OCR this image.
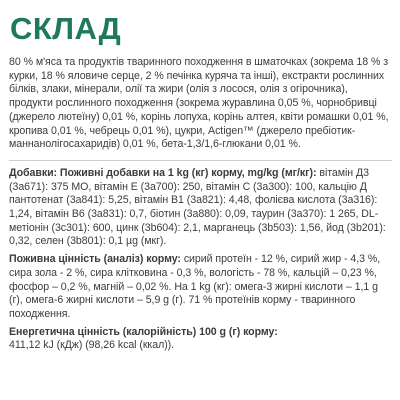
СКЛАД
80 % м'яса та продуктів тваринного походження в шматочках (зокрема 18 % з курки, 18 % яловиче серце, 2 % печінка куряча та інші), екстракти рослинних білків, злаки, мінерали, олії та жири (олія з лосося, олія з огірочника), продукти рослинного походження (зокрема журавлина 0,05 %, чорнобривці (джерело лютеїну) 0,01 %, корінь лопуха, корінь алтея, квіти ромашки 0,01 %, кропива 0,01 %, чебрець 0,01 %), цукри, Actigen™ (джерело пребіотик-маннанолігосахаридів) 0,01 %, бета-1,3/1,6-глюкани 0,01 %.
Добавки: Поживні добавки на 1 kg (кг) корму, mg/kg (мг/кг): вітамін Д3 (3а671): 375 МО, вітамін Е (3а700): 250, вітамін С (3а300): 100, кальцію Д пантотенат (3а841): 5,25, вітамін В1 (3а821): 4,48, фолієва кислота (3а316): 1,24, вітамін В6 (3а831): 0,7, біотин (3а880): 0,09, таурин (3а370): 1 265, DL-метіонін (3с301): 600, цинк (3b604): 2,1, марганець (3b503): 1,56, йод (3b201): 0,32, селен (3b801): 0,1 µg (мкг).
Поживна цінність (аналіз) корму: сирий протеїн - 12 %, сирий жир - 4,3 %, сира зола - 2 %, сира клітковина - 0,3 %, вологість - 78 %, кальцій – 0,23 %, фосфор – 0,2 %, магній – 0,02 %. На 1 kg (кг): омега-3 жирні кислоти – 1,1 g (г), омега-6 жирні кислоти – 5,9 g (г). 71 % протеїнів корму - тваринного походження.
Енергетична цінність (калорійність) 100 g (г) корму:
411,12 kJ (кДж) (98,26 kcal (ккал)).
